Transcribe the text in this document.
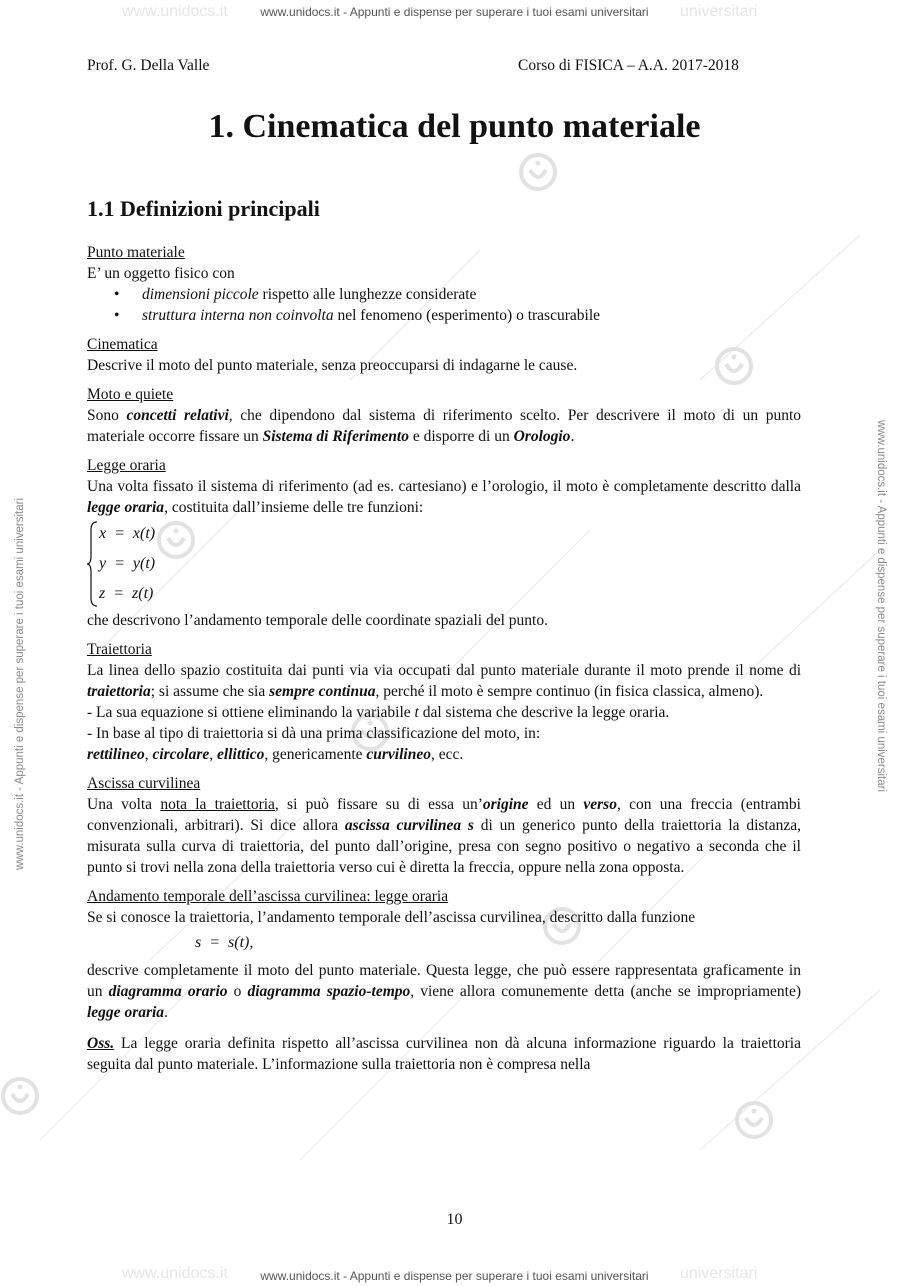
www.unidocs.it	universitari
www.unidocs.it	universitari
www.unidocs.it - Appunti e dispense per superare i tuoi esami universitari
www.unidocs.it - Appunti e dispense per superare i tuoi esami universitari
www.unidocs.it - Appunti e dispense per superare i tuoi esami universitari	www.unidocs.it - Appunti e dispense per superare i tuoi esami universitari
Prof. G. Della Valle	Corso di FISICA – A.A. 2017-2018
1. Cinematica del punto materiale
1.1 Definizioni principali

Punto materiale

E’ un oggetto fisico con

• dimensioni piccole rispetto alle lunghezze considerate
• struttura interna non coinvolta nel fenomeno (esperimento) o trascurabile

Cinematica

Descrive il moto del punto materiale, senza preoccuparsi di indagarne le cause.

Moto e quiete

Sono concetti relativi, che dipendono dal sistema di riferimento scelto. Per descrivere il moto di un punto materiale occorre fissare un Sistema di Riferimento e disporre di un Orologio.

Legge oraria

Una volta fissato il sistema di riferimento (ad es. cartesiano) e l’orologio, il moto è completamente descritto dalla legge oraria, costituita dall’insieme delle tre funzioni:

x  =  x(t)
y  =  y(t)
z  =  z(t)

che descrivono l’andamento temporale delle coordinate spaziali del punto.

Traiettoria

La linea dello spazio costituita dai punti via via occupati dal punto materiale durante il moto prende il nome di traiettoria; si assume che sia sempre continua, perché il moto è sempre continuo (in fisica classica, almeno).

- La sua equazione si ottiene eliminando la variabile t dal sistema che descrive la legge oraria.

- In base al tipo di traiettoria si dà una prima classificazione del moto, in:

rettilineo, circolare, ellittico, genericamente curvilineo, ecc.

Ascissa curvilinea

Una volta nota la traiettoria, si può fissare su di essa un’origine ed un verso, con una freccia (entrambi convenzionali, arbitrari). Si dice allora ascissa curvilinea s di un generico punto della traiettoria la distanza, misurata sulla curva di traiettoria, del punto dall’origine, presa con segno positivo o negativo a seconda che il punto si trovi nella zona della traiettoria verso cui è diretta la freccia, oppure nella zona opposta.

Andamento temporale dell’ascissa curvilinea: legge oraria

Se si conosce la traiettoria, l’andamento temporale dell’ascissa curvilinea, descritto dalla funzione

s  =  s(t),

descrive completamente il moto del punto materiale. Questa legge, che può essere rappresentata graficamente in un diagramma orario o diagramma spazio-tempo, viene allora comunemente detta (anche se impropriamente) legge oraria.

Oss. La legge oraria definita rispetto all’ascissa curvilinea non dà alcuna informazione riguardo la traiettoria seguita dal punto materiale. L’informazione sulla traiettoria non è compresa nella

10
